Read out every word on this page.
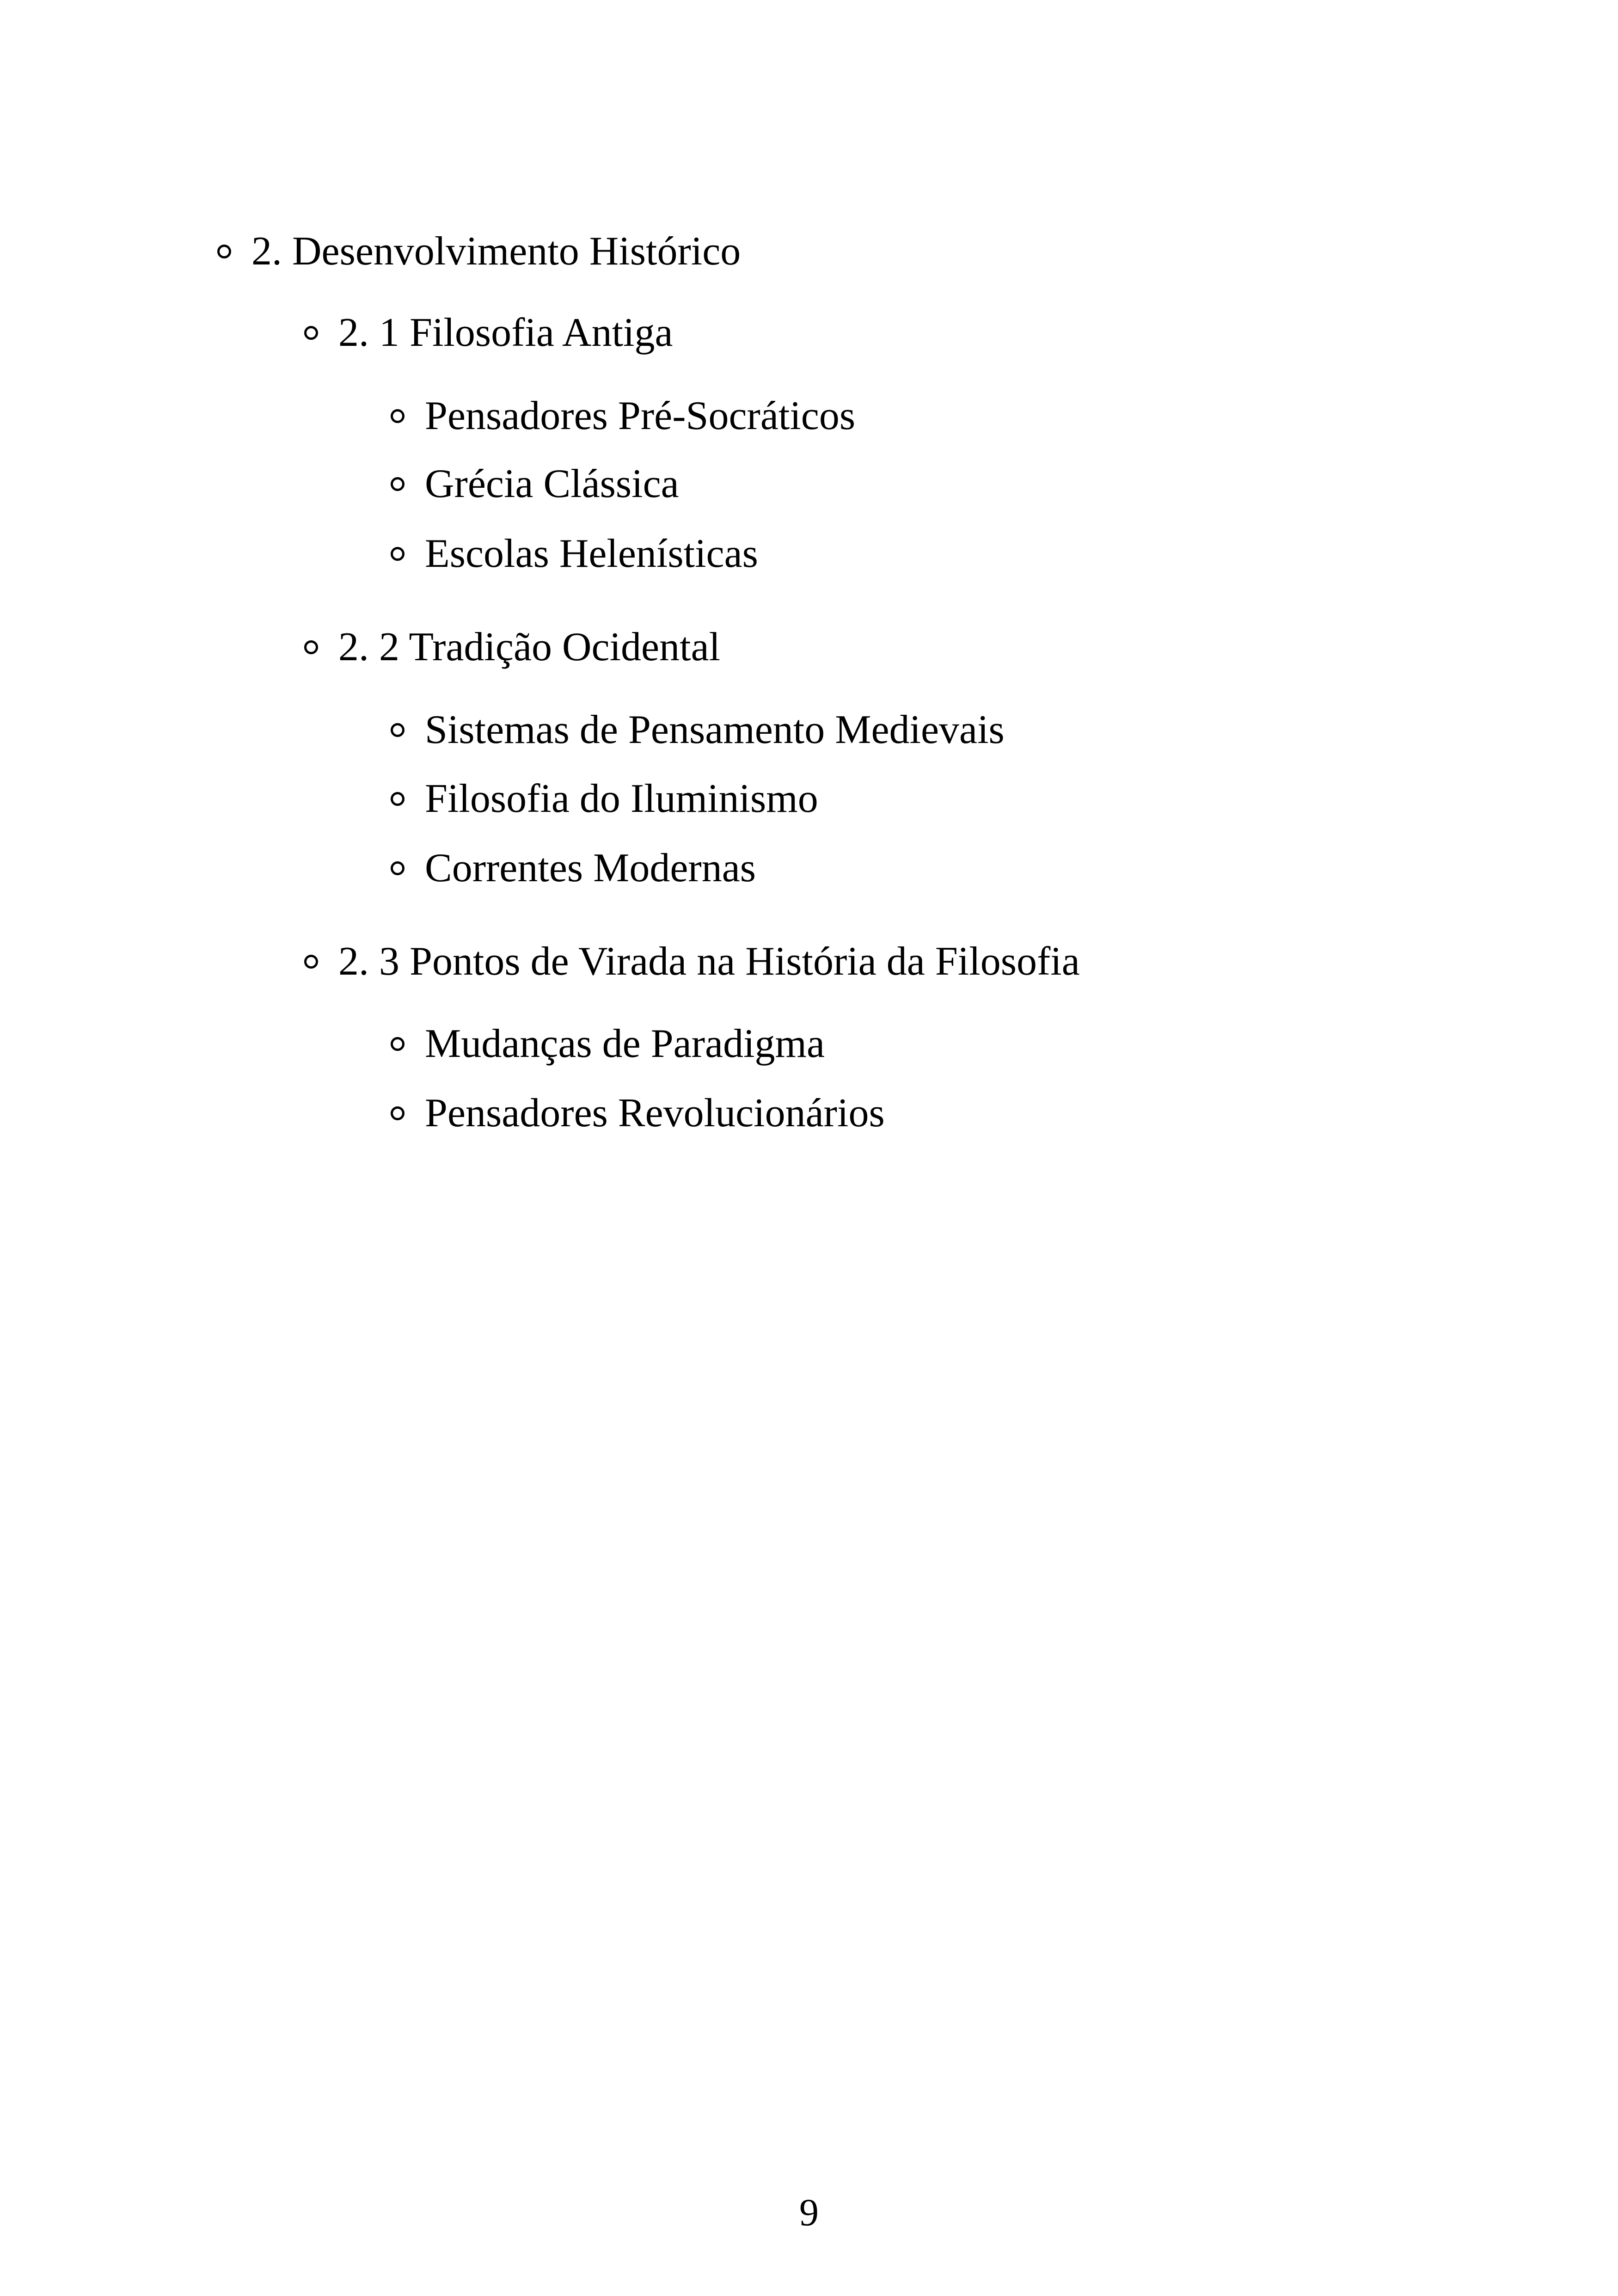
2. Desenvolvimento Histórico
2. 1 Filosofia Antiga
Pensadores Pré-Socráticos
Grécia Clássica
Escolas Helenísticas
2. 2 Tradição Ocidental
Sistemas de Pensamento Medievais
Filosofia do Iluminismo
Correntes Modernas
2. 3 Pontos de Virada na História da Filosofia
Mudanças de Paradigma
Pensadores Revolucionários
9
